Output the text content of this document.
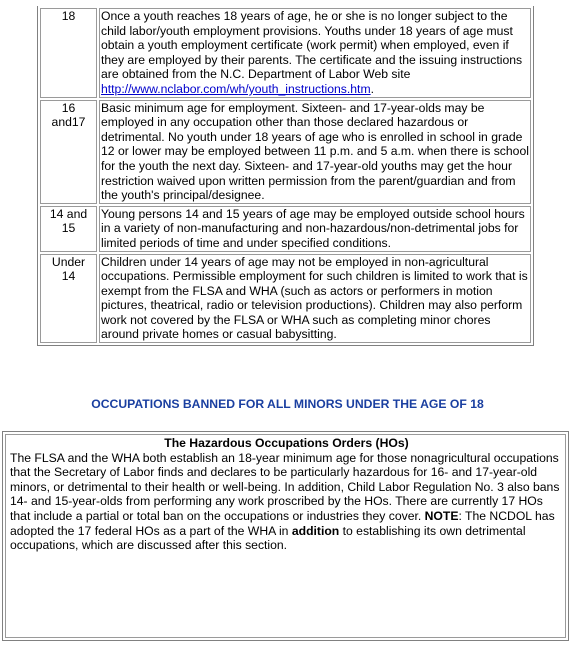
18	Once a youth reaches 18 years of age, he or she is no longer subject to the child labor/youth employment provisions. Youths under 18 years of age must obtain a youth employment certificate (work permit) when employed, even if they are employed by their parents. The certificate and the issuing instructions are obtained from the N.C. Department of Labor Web site http://www.nclabor.com/wh/youth_instructions.htm.
16
and17	Basic minimum age for employment. Sixteen- and 17-year-olds may be employed in any occupation other than those declared hazardous or detrimental. No youth under 18 years of age who is enrolled in school in grade 12 or lower may be employed between 11 p.m. and 5 a.m. when there is school for the youth the next day. Sixteen- and 17-year-old youths may get the hour restriction waived upon written permission from the parent/guardian and from the youth's principal/designee.
14 and
15	Young persons 14 and 15 years of age may be employed outside school hours in a variety of non-manufacturing and non-hazardous/non-detrimental jobs for limited periods of time and under specified conditions.
Under
14	Children under 14 years of age may not be employed in non-agricultural occupations. Permissible employment for such children is limited to work that is exempt from the FLSA and WHA (such as actors or performers in motion pictures, theatrical, radio or television productions). Children may also perform work not covered by the FLSA or WHA such as completing minor chores around private homes or casual babysitting.
OCCUPATIONS BANNED FOR ALL MINORS UNDER THE AGE OF 18
The Hazardous Occupations Orders (HOs)
The FLSA and the WHA both establish an 18-year minimum age for those nonagricultural occupations that the Secretary of Labor finds and declares to be particularly hazardous for 16- and 17-year-old minors, or detrimental to their health or well-being. In addition, Child Labor Regulation No. 3 also bans 14- and 15-year-olds from performing any work proscribed by the HOs. There are currently 17 HOs that include a partial or total ban on the occupations or industries they cover. NOTE: The NCDOL has adopted the 17 federal HOs as a part of the WHA in addition to establishing its own detrimental occupations, which are discussed after this section.
